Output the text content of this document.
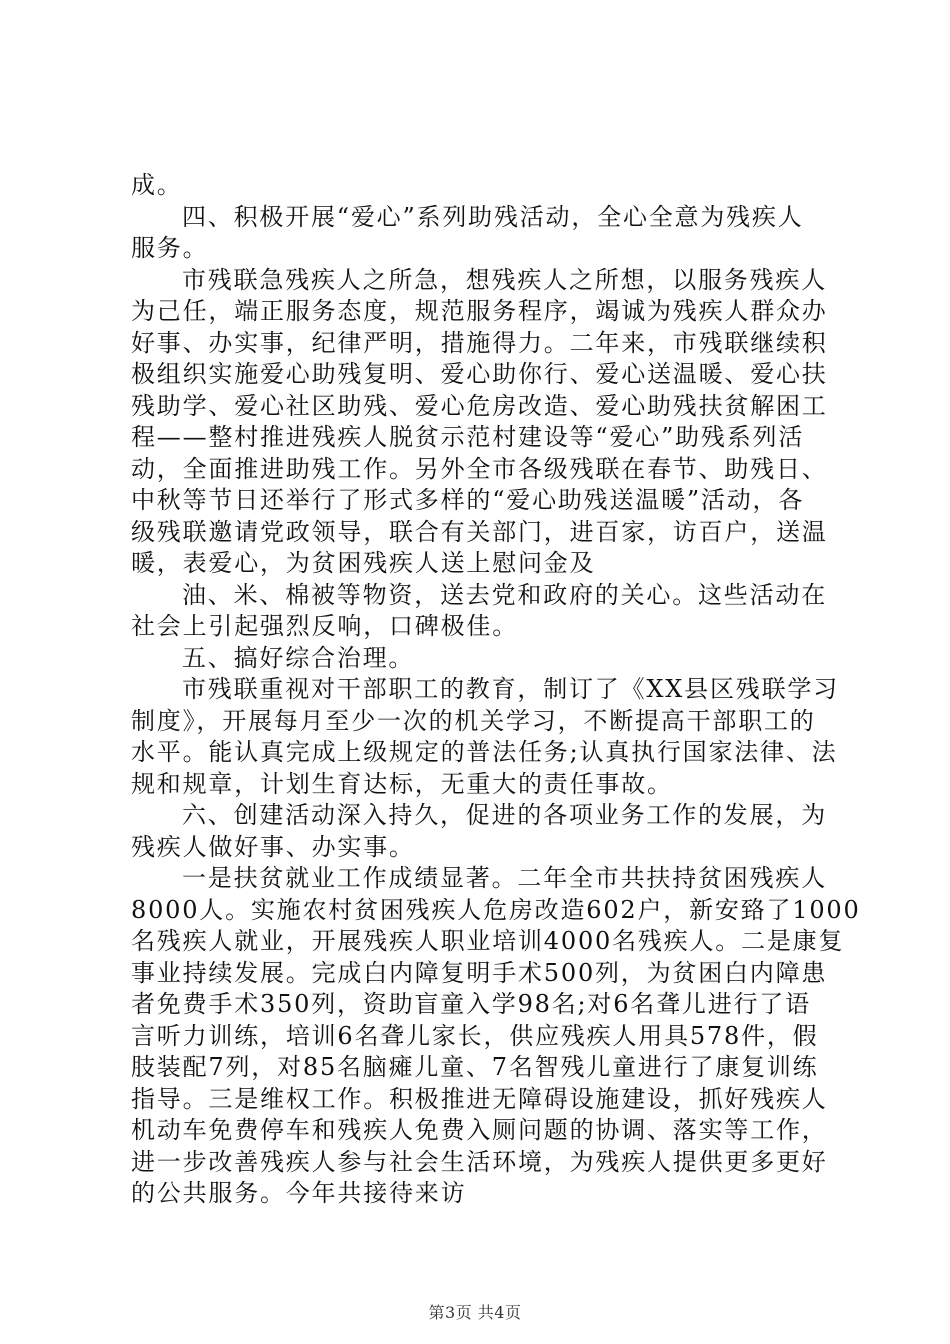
成。
四、积极开展“爱心”系列助残活动，全心全意为残疾人
服务。
市残联急残疾人之所急，想残疾人之所想，以服务残疾人
为己任，端正服务态度，规范服务程序，竭诚为残疾人群众办
好事、办实事，纪律严明，措施得力。二年来，市残联继续积
极组织实施爱心助残复明、爱心助你行、爱心送温暖、爱心扶
残助学、爱心社区助残、爱心危房改造、爱心助残扶贫解困工
程——整村推进残疾人脱贫示范村建设等“爱心”助残系列活
动，全面推进助残工作。另外全市各级残联在春节、助残日、
中秋等节日还举行了形式多样的“爱心助残送温暖”活动，各
级残联邀请党政领导，联合有关部门，进百家，访百户，送温
暖，表爱心，为贫困残疾人送上慰问金及
油、米、棉被等物资，送去党和政府的关心。这些活动在
社会上引起强烈反响，口碑极佳。
五、搞好综合治理。
市残联重视对干部职工的教育，制订了《XX县区残联学习
制度》，开展每月至少一次的机关学习，不断提高干部职工的
水平。能认真完成上级规定的普法任务;认真执行国家法律、法
规和规章，计划生育达标，无重大的责任事故。
六、创建活动深入持久，促进的各项业务工作的发展，为
残疾人做好事、办实事。
一是扶贫就业工作成绩显著。二年全市共扶持贫困残疾人
8000人。实施农村贫困残疾人危房改造602户，新安臵了1000
名残疾人就业，开展残疾人职业培训4000名残疾人。二是康复
事业持续发展。完成白内障复明手术500列，为贫困白内障患
者免费手术350列，资助盲童入学98名;对6名聋儿进行了语
言听力训练，培训6名聋儿家长，供应残疾人用具578件，假
肢装配7列，对85名脑瘫儿童、7名智残儿童进行了康复训练
指导。三是维权工作。积极推进无障碍设施建设，抓好残疾人
机动车免费停车和残疾人免费入厕问题的协调、落实等工作，
进一步改善残疾人参与社会生活环境，为残疾人提供更多更好
的公共服务。今年共接待来访
第3页 共4页
